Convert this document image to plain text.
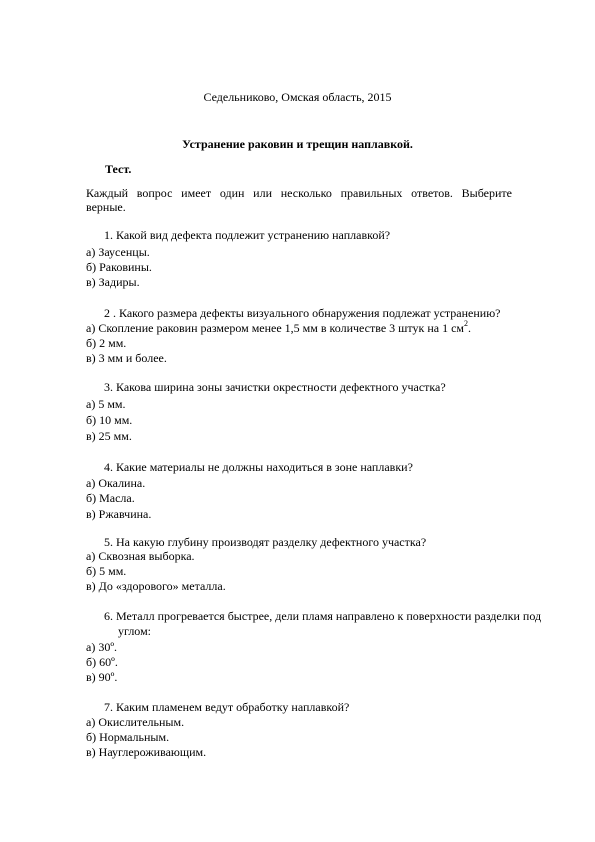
Седельниково, Омская область, 2015
Устранение раковин и трещин наплавкой.
Тест.
Каждый вопрос имеет один или несколько правильных ответов. Выберите
верные.
1. Какой вид дефекта подлежит устранению наплавкой?
а) Заусенцы.
б) Раковины.
в) Задиры.
2 . Какого размера дефекты визуального обнаружения подлежат устранению?
а) Скопление раковин размером менее 1,5 мм в количестве 3 штук на 1 $см^2$.
б) 2 мм.
в) 3 мм и более.
3. Какова ширина зоны зачистки окрестности дефектного участка?
а) 5 мм.
б) 10 мм.
в) 25 мм.
4. Какие материалы не должны находиться в зоне наплавки?
а) Окалина.
б) Масла.
в) Ржавчина.
5. На какую глубину производят разделку дефектного участка?
а) Сквозная выборка.
б) 5 мм.
в) До «здорового» металла.
6. Металл прогревается быстрее, дели пламя направлено к поверхности разделки под
углом:
а) 30º.
б) 60º.
в) 90º.
7. Каким пламенем ведут обработку наплавкой?
а) Окислительным.
б) Нормальным.
в) Науглероживающим.
